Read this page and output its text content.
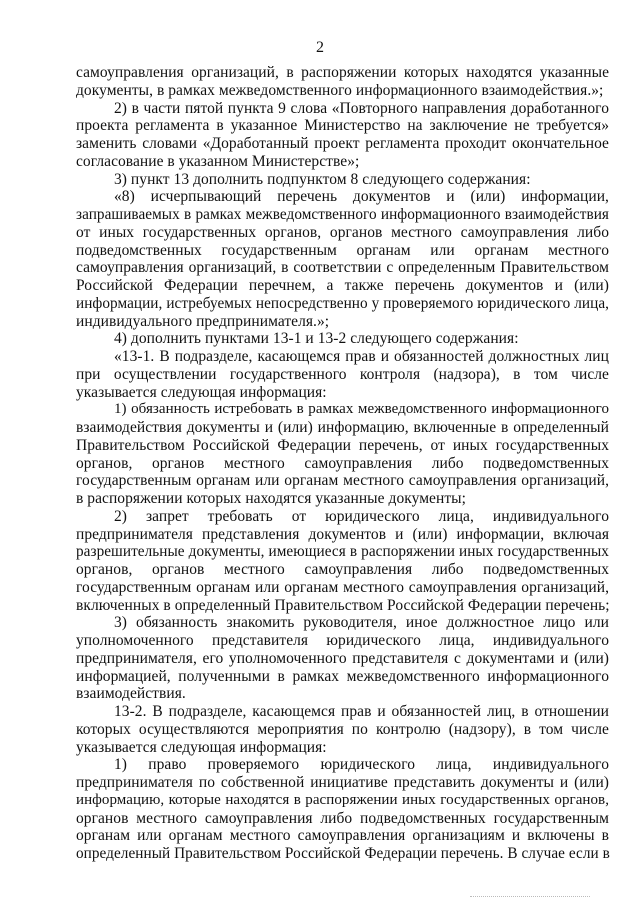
2

самоуправления организаций, в распоряжении которых находятся указанные

документы, в рамках межведомственного информационного взаимодействия.»;

2) в части пятой пункта 9 слова «Повторного направления доработанного

проекта регламента в указанное Министерство на заключение не требуется»

заменить словами «Доработанный проект регламента проходит окончательное

согласование в указанном Министерстве»;

3) пункт 13 дополнить подпунктом 8 следующего содержания:

«8) исчерпывающий перечень документов и (или) информации,

запрашиваемых в рамках межведомственного информационного взаимодействия

от иных государственных органов, органов местного самоуправления либо

подведомственных государственным органам или органам местного

самоуправления организаций, в соответствии с определенным Правительством

Российской Федерации перечнем, а также перечень документов и (или)

информации, истребуемых непосредственно у проверяемого юридического лица,

индивидуального предпринимателя.»;

4) дополнить пунктами 13-1 и 13-2 следующего содержания:

«13-1. В подразделе, касающемся прав и обязанностей должностных лиц

при осуществлении государственного контроля (надзора), в том числе

указывается следующая информация:

1) обязанность истребовать в рамках межведомственного информационного

взаимодействия документы и (или) информацию, включенные в определенный

Правительством Российской Федерации перечень, от иных государственных

органов, органов местного самоуправления либо подведомственных

государственным органам или органам местного самоуправления организаций,

в распоряжении которых находятся указанные документы;

2) запрет требовать от юридического лица, индивидуального

предпринимателя представления документов и (или) информации, включая

разрешительные документы, имеющиеся в распоряжении иных государственных

органов, органов местного самоуправления либо подведомственных

государственным органам или органам местного самоуправления организаций,

включенных в определенный Правительством Российской Федерации перечень;

3) обязанность знакомить руководителя, иное должностное лицо или

уполномоченного представителя юридического лица, индивидуального

предпринимателя, его уполномоченного представителя с документами и (или)

информацией, полученными в рамках межведомственного информационного

взаимодействия.

13-2. В подразделе, касающемся прав и обязанностей лиц, в отношении

которых осуществляются мероприятия по контролю (надзору), в том числе

указывается следующая информация:

1) право проверяемого юридического лица, индивидуального

предпринимателя по собственной инициативе представить документы и (или)

информацию, которые находятся в распоряжении иных государственных органов,

органов местного самоуправления либо подведомственных государственным

органам или органам местного самоуправления организациям и включены в

определенный Правительством Российской Федерации перечень. В случае если в
